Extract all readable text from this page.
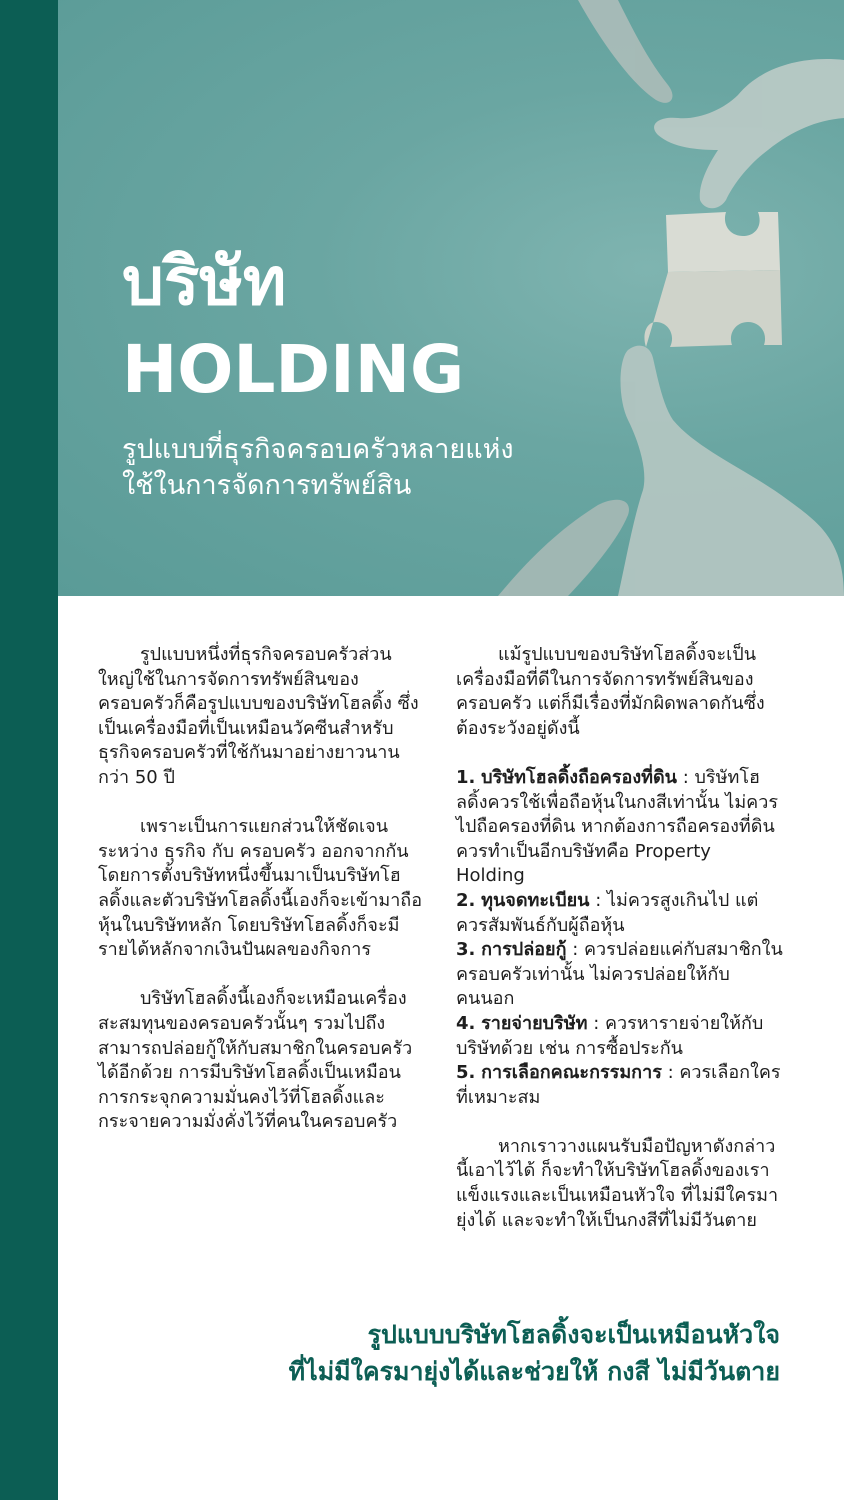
บริษัท
HOLDING
รูปแบบที่ธุรกิจครอบครัวหลายแห่ง
ใช้ในการจัดการทรัพย์สิน

รูปแบบหนึ่งที่ธุรกิจครอบครัวส่วนใหญ่ใช้ในการจัดการทรัพย์สินของครอบครัวก็คือรูปแบบของบริษัทโฮลดิ้ง ซึ่งเป็นเครื่องมือที่เป็นเหมือนวัคซีนสำหรับธุรกิจครอบครัวที่ใช้กันมาอย่างยาวนานกว่า 50 ปี

เพราะเป็นการแยกส่วนให้ชัดเจนระหว่าง ธุรกิจ กับ ครอบครัว ออกจากกัน โดยการตั้งบริษัทหนึ่งขึ้นมาเป็นบริษัทโฮลดิ้งและตัวบริษัทโฮลดิ้งนี้เองก็จะเข้ามาถือหุ้นในบริษัทหลัก โดยบริษัทโฮลดิ้งก็จะมีรายได้หลักจากเงินปันผลของกิจการ

บริษัทโฮลดิ้งนี้เองก็จะเหมือนเครื่องสะสมทุนของครอบครัวนั้นๆ รวมไปถึงสามารถปล่อยกู้ให้กับสมาชิกในครอบครัวได้อีกด้วย การมีบริษัทโฮลดิ้งเป็นเหมือนการกระจุกความมั่นคงไว้ที่โฮลดิ้งและกระจายความมั่งคั่งไว้ที่คนในครอบครัว

แม้รูปแบบของบริษัทโฮลดิ้งจะเป็นเครื่องมือที่ดีในการจัดการทรัพย์สินของครอบครัว แต่ก็มีเรื่องที่มักผิดพลาดกันซึ่งต้องระวังอยู่ดังนี้

1. บริษัทโฮลดิ้งถือครองที่ดิน : บริษัทโฮลดิ้งควรใช้เพื่อถือหุ้นในกงสีเท่านั้น ไม่ควรไปถือครองที่ดิน หากต้องการถือครองที่ดินควรทำเป็นอีกบริษัทคือ Property Holding

2. ทุนจดทะเบียน : ไม่ควรสูงเกินไป แต่ควรสัมพันธ์กับผู้ถือหุ้น

3. การปล่อยกู้ : ควรปล่อยแค่กับสมาชิกในครอบครัวเท่านั้น ไม่ควรปล่อยให้กับคนนอก

4. รายจ่ายบริษัท : ควรหารายจ่ายให้กับบริษัทด้วย เช่น การซื้อประกัน

5. การเลือกคณะกรรมการ : ควรเลือกใครที่เหมาะสม

หากเราวางแผนรับมือปัญหาดังกล่าวนี้เอาไว้ได้ ก็จะทำให้บริษัทโฮลดิ้งของเราแข็งแรงและเป็นเหมือนหัวใจ ที่ไม่มีใครมายุ่งได้ และจะทำให้เป็นกงสีที่ไม่มีวันตาย

รูปแบบบริษัทโฮลดิ้งจะเป็นเหมือนหัวใจ
ที่ไม่มีใครมายุ่งได้และช่วยให้ กงสี ไม่มีวันตาย
